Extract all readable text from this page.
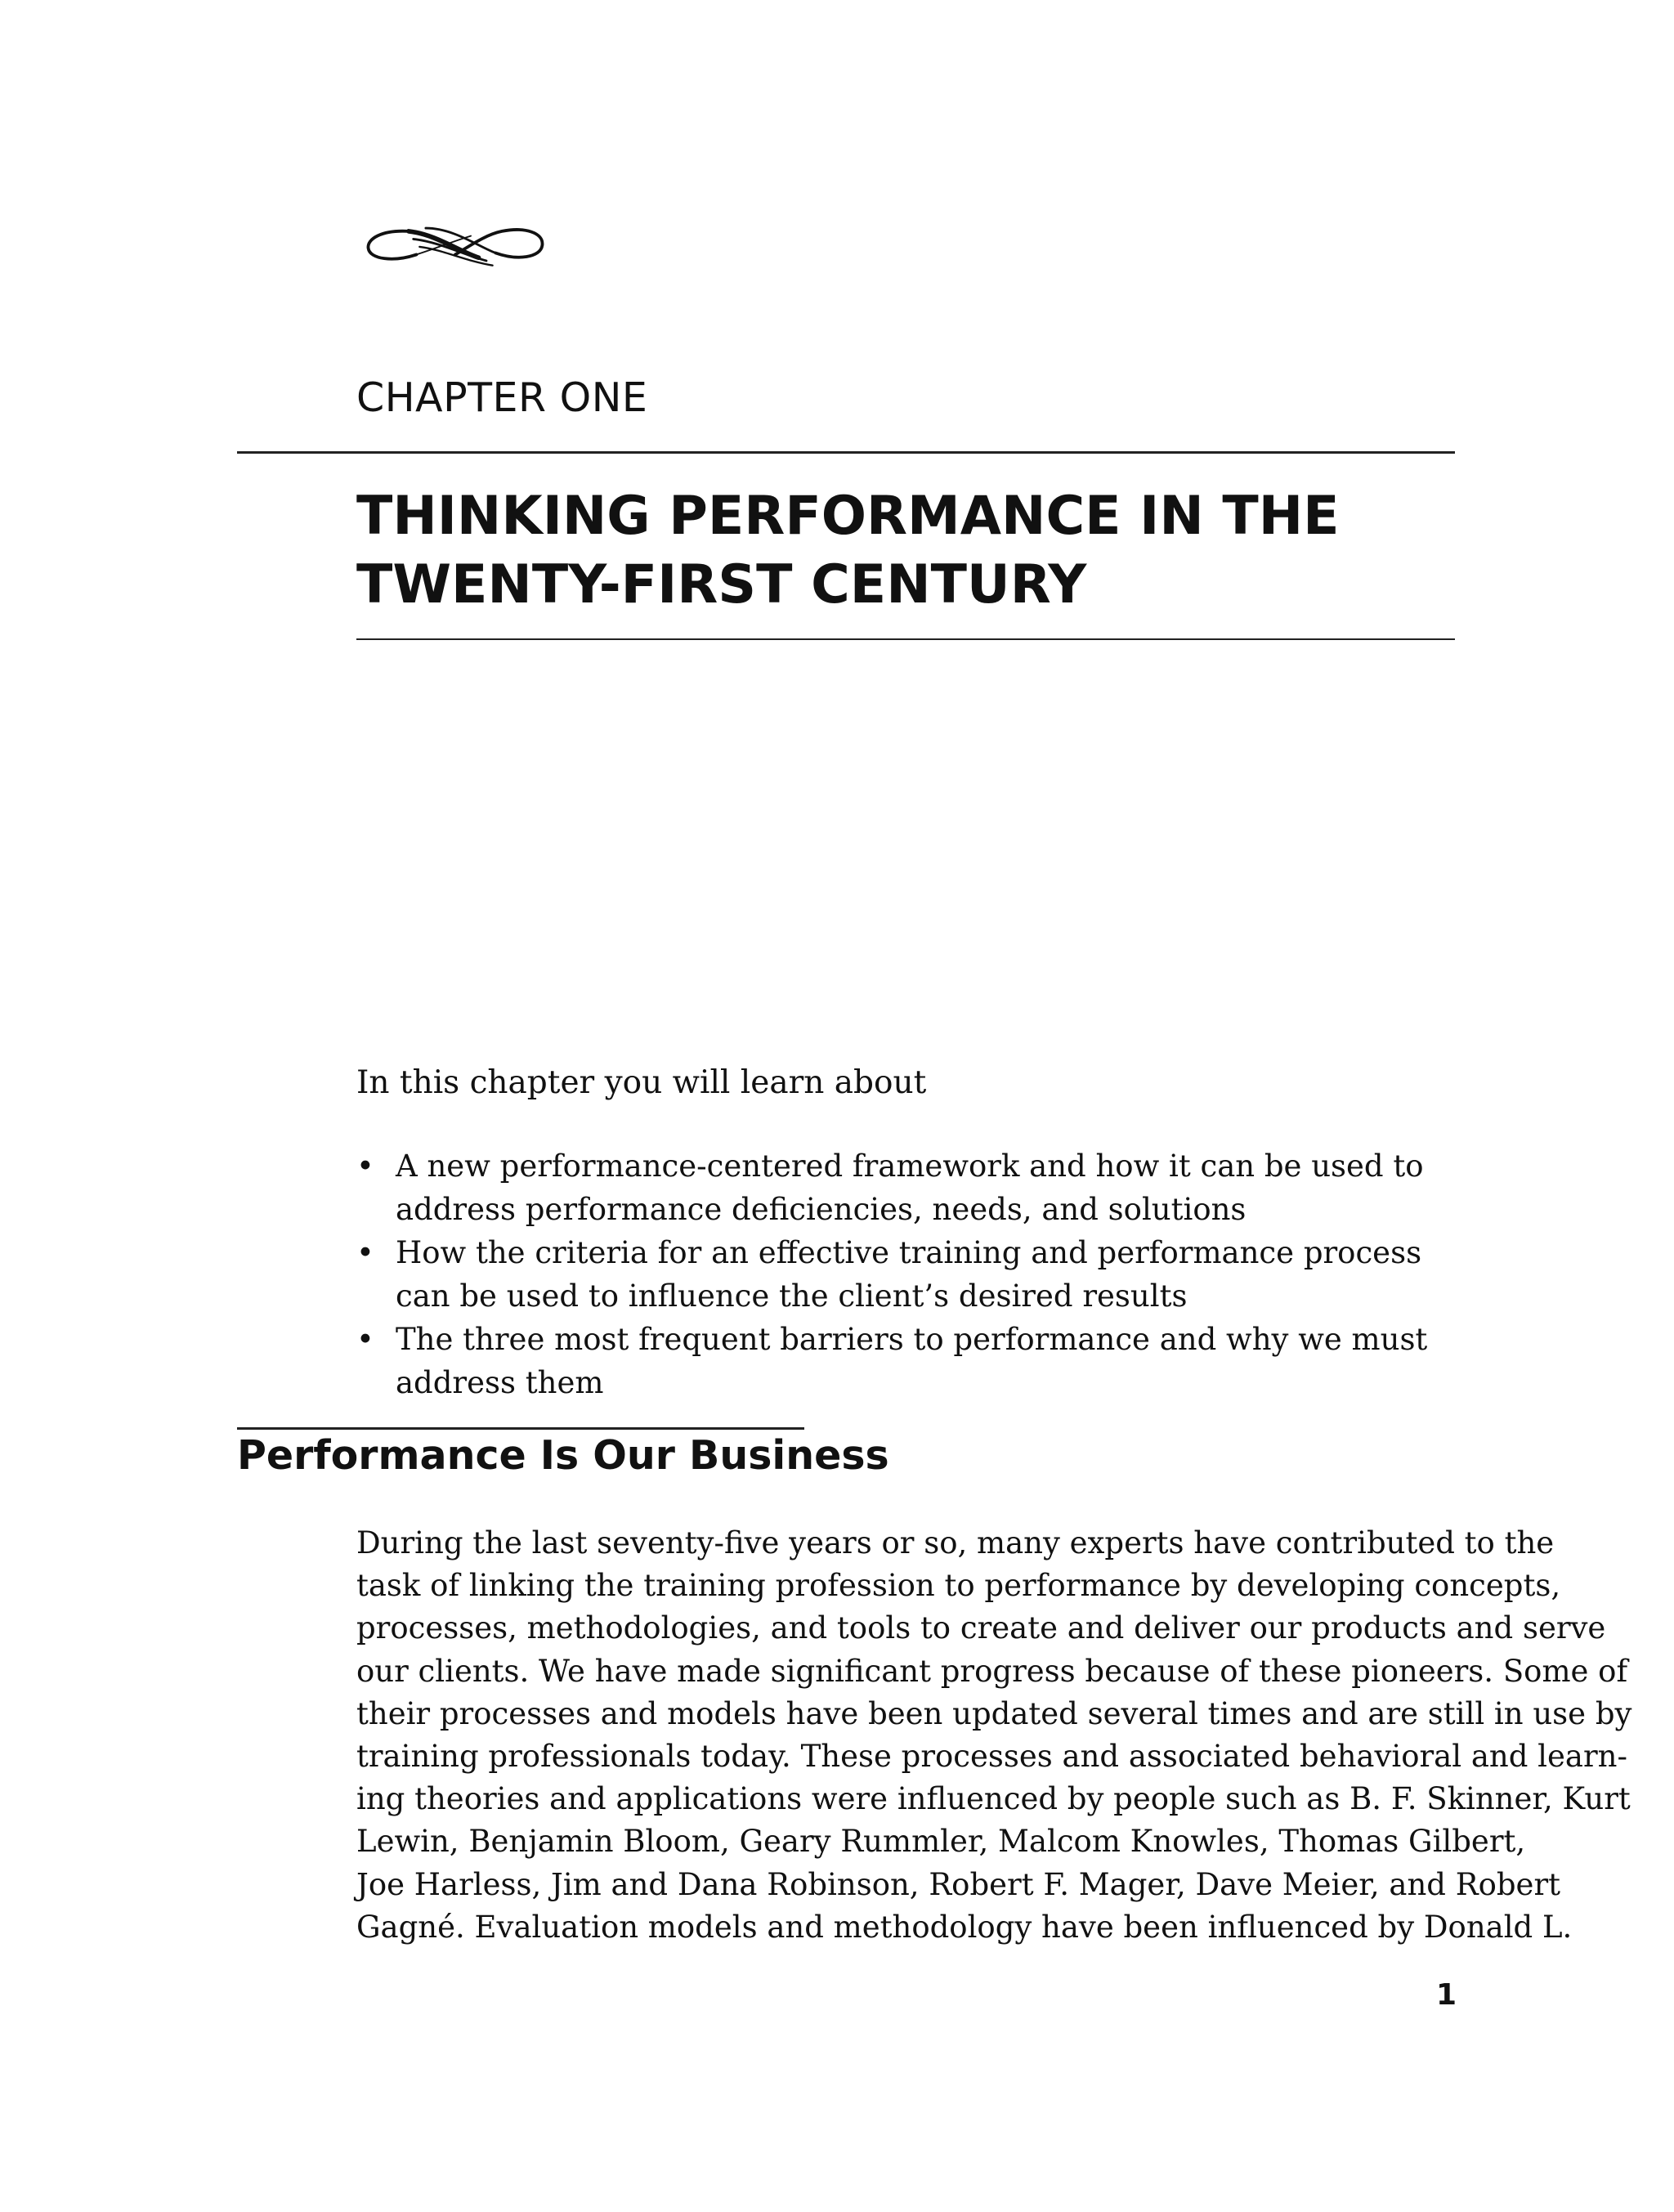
CHAPTER ONE
THINKING PERFORMANCE IN THE
TWENTY-FIRST CENTURY
In this chapter you will learn about
• A new performance-centered framework and how it can be used to address performance deficiencies, needs, and solutions
• How the criteria for an effective training and performance process can be used to influence the client’s desired results
• The three most frequent barriers to performance and why we must address them
Performance Is Our Business

During the last seventy-five years or so, many experts have contributed to the
task of linking the training profession to performance by developing concepts,
processes, methodologies, and tools to create and deliver our products and serve
our clients. We have made significant progress because of these pioneers. Some of
their processes and models have been updated several times and are still in use by
training professionals today. These processes and associated behavioral and learn-
ing theories and applications were influenced by people such as B. F. Skinner, Kurt
Lewin, Benjamin Bloom, Geary Rummler, Malcom Knowles, Thomas Gilbert,
Joe Harless, Jim and Dana Robinson, Robert F. Mager, Dave Meier, and Robert
Gagné. Evaluation models and methodology have been influenced by Donald L.

1
